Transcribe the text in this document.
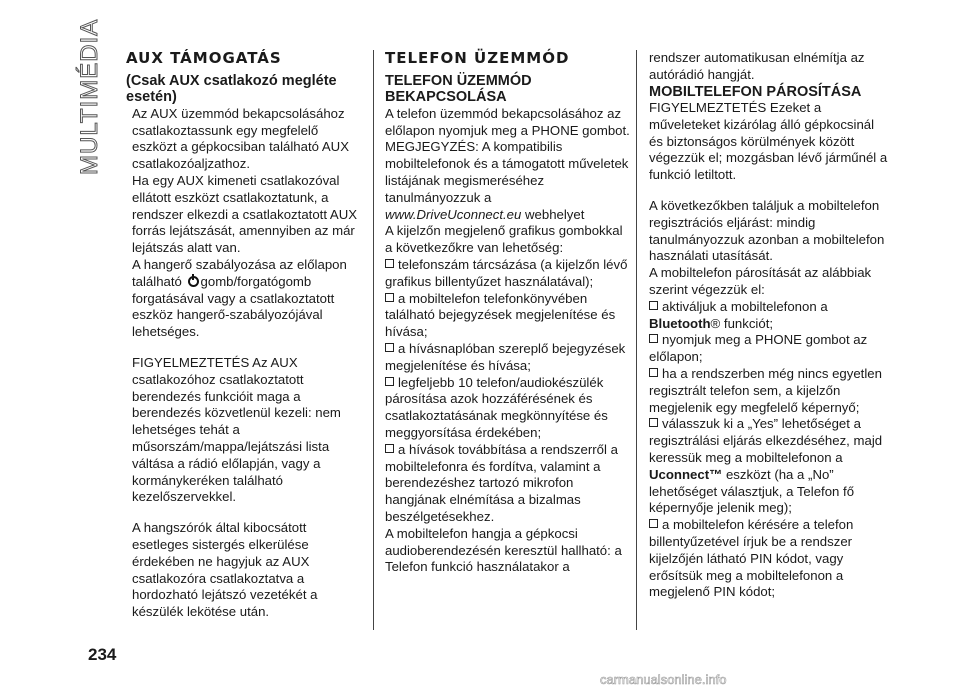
MULTIMÉDIA AUX TÁMOGATÁS
(Csak AUX csatlakozó megléte esetén)

Az AUX üzemmód bekapcsolásához csatlakoztassunk egy megfelelő eszközt a gépkocsiban található AUX csatlakozóaljzathoz.

Ha egy AUX kimeneti csatlakozóval ellátott eszközt csatlakoztatunk, a rendszer elkezdi a csatlakoztatott AUX forrás lejátszását, amennyiben az már lejátszás alatt van.

A hangerő szabályozása az előlapon található gomb/forgatógomb forgatásával vagy a csatlakoztatott eszköz hangerő-szabályozójával lehetséges.

FIGYELMEZTETÉS Az AUX csatlakozóhoz csatlakoztatott berendezés funkcióit maga a berendezés közvetlenül kezeli: nem lehetséges tehát a műsorszám/mappa/lejátszási lista váltása a rádió előlapján, vagy a kormánykeréken található kezelőszervekkel.

A hangszórók által kibocsátott esetleges sistergés elkerülése érdekében ne hagyjuk az AUX csatlakozóra csatlakoztatva a hordozható lejátszó vezetékét a készülék lekötése után.

TELEFON ÜZEMMÓD
TELEFON ÜZEMMÓD BEKAPCSOLÁSA

A telefon üzemmód bekapcsolásához az előlapon nyomjuk meg a PHONE gombot.

MEGJEGYZÉS: A kompatibilis mobiltelefonok és a támogatott műveletek listájának megismeréséhez tanulmányozzuk a www.DriveUconnect.eu webhelyet

A kijelzőn megjelenő grafikus gombokkal a következőkre van lehetőség:

telefonszám tárcsázása (a kijelzőn lévő grafikus billentyűzet használatával);

a mobiltelefon telefonkönyvében található bejegyzések megjelenítése és hívása;

a hívásnaplóban szereplő bejegyzések megjelenítése és hívása;

legfeljebb 10 telefon/audiokészülék párosítása azok hozzáférésének és csatlakoztatásának megkönnyítése és meggyorsítása érdekében;

a hívások továbbítása a rendszerről a mobiltelefonra és fordítva, valamint a berendezéshez tartozó mikrofon hangjának elnémítása a bizalmas beszélgetésekhez.

A mobiltelefon hangja a gépkocsi audioberendezésén keresztül hallható: a Telefon funkció használatakor a

rendszer automatikusan elnémítja az autórádió hangját.

MOBILTELEFON PÁROSÍTÁSA

FIGYELMEZTETÉS Ezeket a műveleteket kizárólag álló gépkocsinál és biztonságos körülmények között végezzük el; mozgásban lévő járműnél a funkció letiltott.

A következőkben találjuk a mobiltelefon regisztrációs eljárást: mindig tanulmányozzuk azonban a mobiltelefon használati utasítását.

A mobiltelefon párosítását az alábbiak szerint végezzük el:

aktiváljuk a mobiltelefonon a Bluetooth® funkciót;

nyomjuk meg a PHONE gombot az előlapon;

ha a rendszerben még nincs egyetlen regisztrált telefon sem, a kijelzőn megjelenik egy megfelelő képernyő;

válasszuk ki a „Yes” lehetőséget a regisztrálási eljárás elkezdéséhez, majd keressük meg a mobiltelefonon a Uconnect™ eszközt (ha a „No” lehetőséget választjuk, a Telefon fő képernyője jelenik meg);

a mobiltelefon kérésére a telefon billentyűzetével írjuk be a rendszer kijelzőjén látható PIN kódot, vagy erősítsük meg a mobiltelefonon a megjelenő PIN kódot;

234
carmanualsonline.info
